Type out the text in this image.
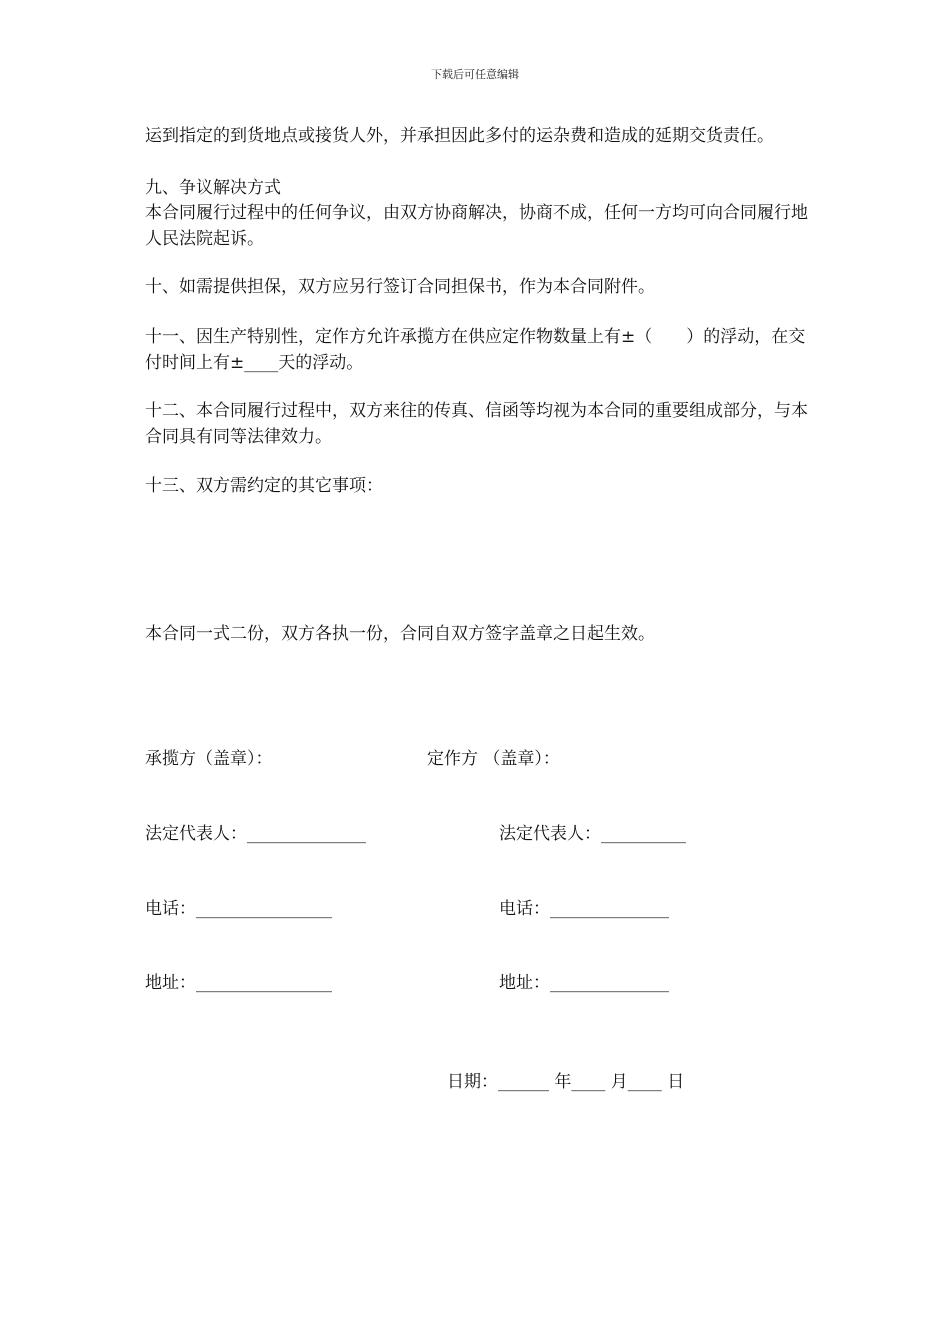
下载后可任意编辑
运到指定的到货地点或接货人外，并承担因此多付的运杂费和造成的延期交货责任。
九、争议解决方式
本合同履行过程中的任何争议，由双方协商解决，协商不成，任何一方均可向合同履行地人民法院起诉。
十、如需提供担保，双方应另行签订合同担保书，作为本合同附件。
十一、因生产特别性，定作方允许承揽方在供应定作物数量上有±（　　）的浮动，在交付时间上有±____天的浮动。
十二、本合同履行过程中，双方来往的传真、信函等均视为本合同的重要组成部分，与本合同具有同等法律效力。
十三、双方需约定的其它事项：
本合同一式二份，双方各执一份，合同自双方签字盖章之日起生效。
承揽方（盖章）：	定作方 （盖章）：
法定代表人：______________	法定代表人：__________
电话：________________	电话：______________
地址：________________	地址：______________
日期：______ 年____ 月____ 日
